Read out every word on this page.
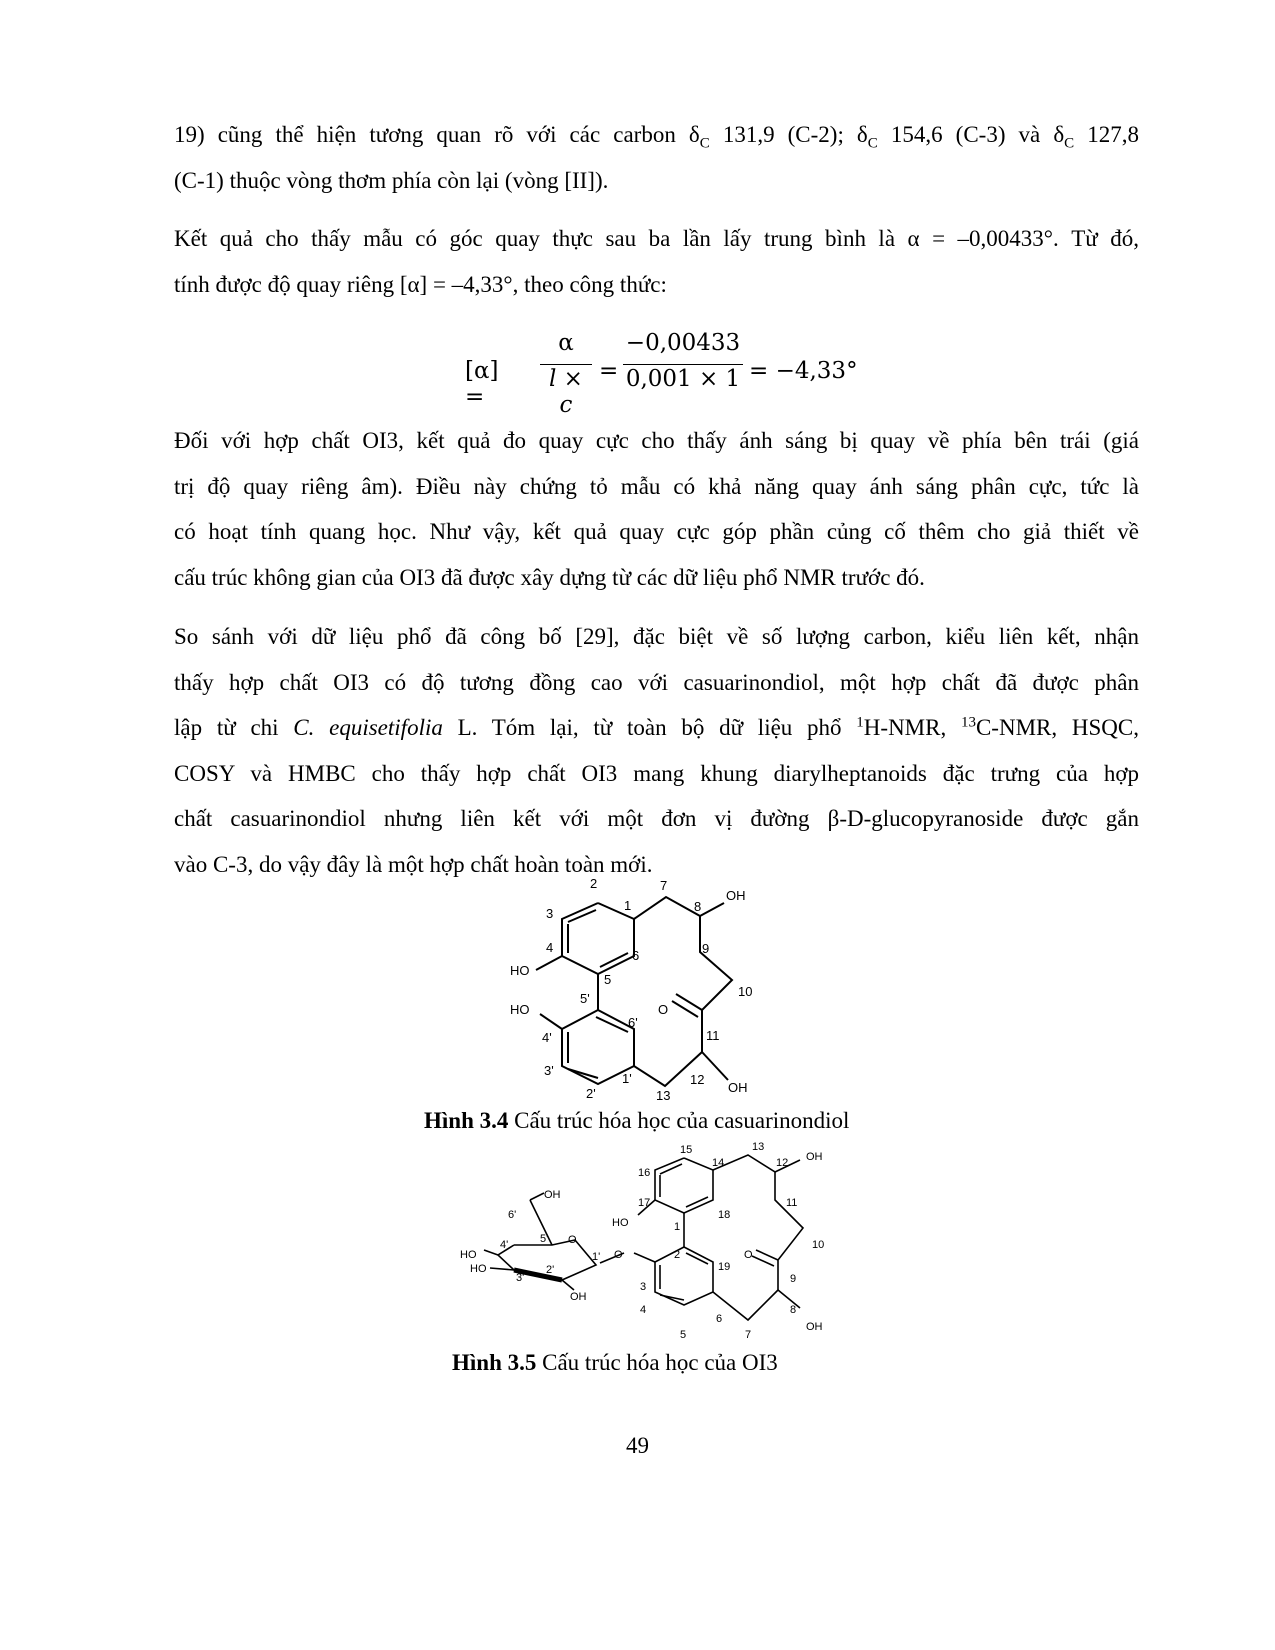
19) cũng thể hiện tương quan rõ với các carbon $\delta_C$ 131,9 (C-2); $\delta_C$ 154,6 (C-3) và $\delta_C$ 127,8
(C-1) thuộc vòng thơm phía còn lại (vòng [II]).
Kết quả cho thấy mẫu có góc quay thực sau ba lần lấy trung bình là α = –0,00433°. Từ đó,
tính được độ quay riêng [α] = –4,33°, theo công thức:
[α] =
α
l × c
=
−0,00433
0,001 × 1 = −4,33°
Đối với hợp chất OI3, kết quả đo quay cực cho thấy ánh sáng bị quay về phía bên trái (giá
trị độ quay riêng âm). Điều này chứng tỏ mẫu có khả năng quay ánh sáng phân cực, tức là
có hoạt tính quang học. Như vậy, kết quả quay cực góp phần củng cố thêm cho giả thiết về
cấu trúc không gian của OI3 đã được xây dựng từ các dữ liệu phổ NMR trước đó.
So sánh với dữ liệu phổ đã công bố [29], đặc biệt về số lượng carbon, kiểu liên kết, nhận
thấy hợp chất OI3 có độ tương đồng cao với casuarinondiol, một hợp chất đã được phân
lập từ chi C. equisetifolia L. Tóm lại, từ toàn bộ dữ liệu phổ $^1$H-NMR, $^{13}$C-NMR, HSQC,
COSY và HMBC cho thấy hợp chất OI3 mang khung diarylheptanoids đặc trưng của hợp
chất casuarinondiol nhưng liên kết với một đơn vị đường β-D-glucopyranoside được gắn
vào C-3, do vậy đây là một hợp chất hoàn toàn mới.
2
3
4
1
6
5
7
8
OH
9
10
HO
HO
5'
6'
O
11
4'
3'
2'
1'	12
OH
13
Hình 3.4 Cấu trúc hóa học của casuarinondiol
15
14
16
17
HO	1
18
2
19
3
4
5
6
7
8
OH
9
O
10
11
12 OH
13
O
1'
O
5'
2'
3'
4'
6'
OH
HO
HO
OH
Hình 3.5 Cấu trúc hóa học của OI3
49
